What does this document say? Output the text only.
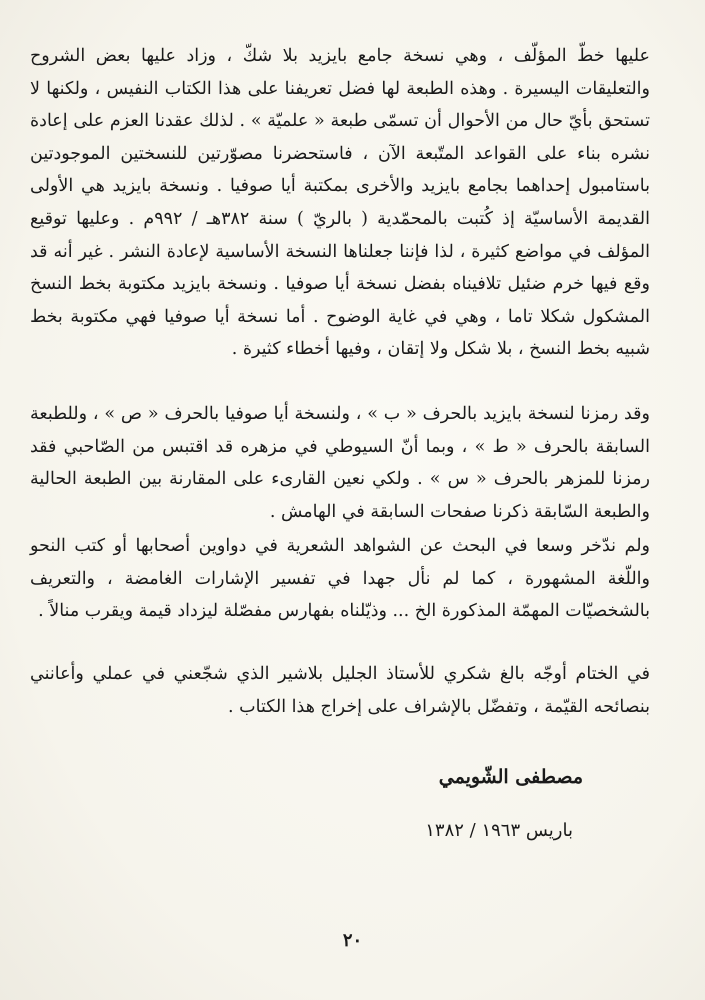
عليها خطّ المؤلّف ، وهي نسخة جامع بايزيد بلا شكّ ، وزاد عليها بعض الشروح والتعليقات اليسيرة . وهذه الطبعة لها فضل تعريفنا على هذا الكتاب النفيس ، ولكنها لا تستحق بأيّ حال من الأحوال أن تسمّى طبعة « علميّة » . لذلك عقدنا العزم على إعادة نشره بناء على القواعد المتّبعة الآن ، فاستحضرنا مصوّرتين للنسختين الموجودتين باستامبول إحداهما بجامع بايزيد والأخرى بمكتبة أيا صوفيا . ونسخة بايزيد هي الأولى القديمة الأساسيّة إذ كُتبت بالمحمّدية ( بالريّ ) سنة ٣٨٢هـ / ٩٩٢م . وعليها توقيع المؤلف في مواضع كثيرة ، لذا فإننا جعلناها النسخة الأساسية لإعادة النشر . غير أنه قد وقع فيها خرم ضئيل تلافيناه بفضل نسخة أيا صوفيا . ونسخة بايزيد مكتوبة بخط النسخ المشكول شكلا تاما ، وهي في غاية الوضوح . أما نسخة أيا صوفيا فهي مكتوبة بخط شبيه بخط النسخ ، بلا شكل ولا إتقان ، وفيها أخطاء كثيرة .

وقد رمزنا لنسخة بايزيد بالحرف « ب » ، ولنسخة أيا صوفيا بالحرف « ص » ، وللطبعة السابقة بالحرف « ط » ، وبما أنّ السيوطي في مزهره قد اقتبس من الصّاحبي فقد رمزنا للمزهر بالحرف « س » . ولكي نعين القارىء على المقارنة بين الطبعة الحالية والطبعة السّابقة ذكرنا صفحات السابقة في الهامش .

ولم ندّخر وسعا في البحث عن الشواهد الشعرية في دواوين أصحابها أو كتب النحو واللّغة المشهورة ، كما لم نأل جهدا في تفسير الإشارات الغامضة ، والتعريف بالشخصيّات المهمّة المذكورة الخ ... وذيّلناه بفهارس مفصّلة ليزداد قيمة ويقرب منالاً .

في الختام أوجّه بالغ شكري للأستاذ الجليل بلاشير الذي شجّعني في عملي وأعانني بنصائحه القيّمة ، وتفضّل بالإشراف على إخراج هذا الكتاب .

مصطفى الشّويمي
باريس ١٩٦٣ / ١٣٨٢
٢٠
